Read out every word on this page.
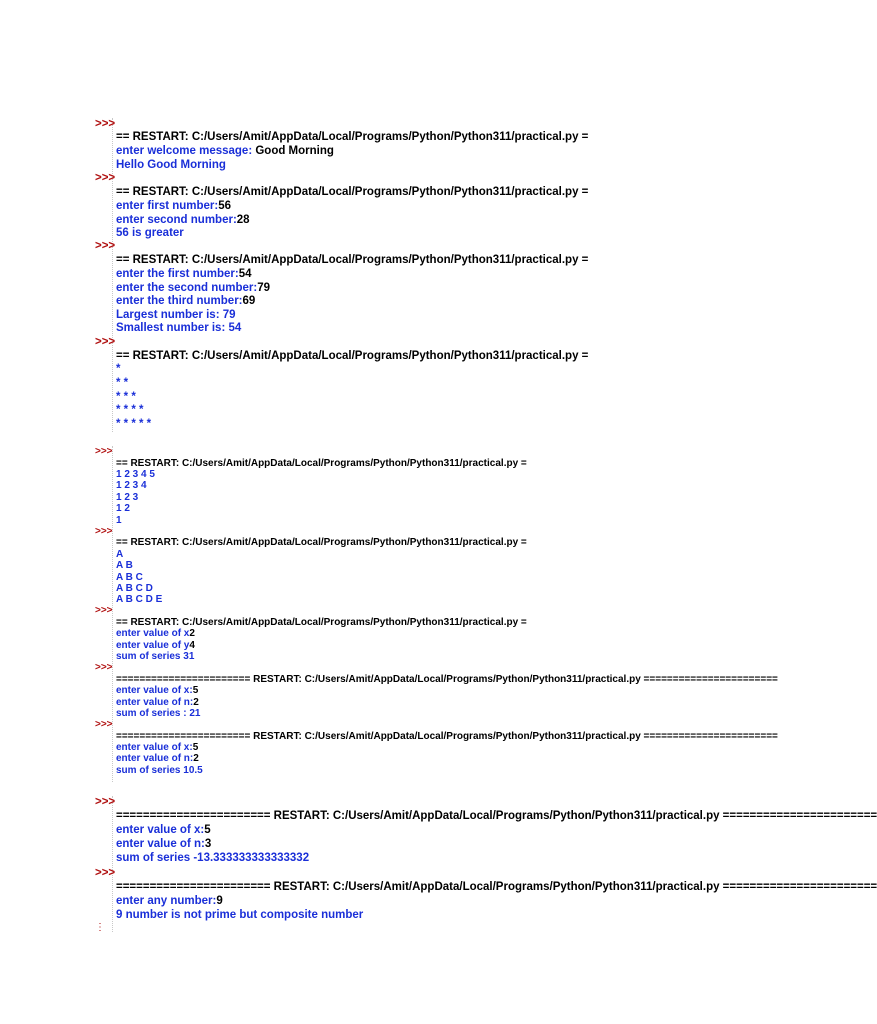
>>>
== RESTART: C:/Users/Amit/AppData/Local/Programs/Python/Python311/practical.py =
enter welcome message: Good Morning
Hello Good Morning
>>>
== RESTART: C:/Users/Amit/AppData/Local/Programs/Python/Python311/practical.py =
enter first number:56
enter second number:28
56 is greater
>>>
== RESTART: C:/Users/Amit/AppData/Local/Programs/Python/Python311/practical.py =
enter the first number:54
enter the second number:79
enter the third number:69
Largest number is: 79
Smallest number is: 54
>>>
== RESTART: C:/Users/Amit/AppData/Local/Programs/Python/Python311/practical.py =
*
* *
* * *
* * * *
* * * * *
>>>
== RESTART: C:/Users/Amit/AppData/Local/Programs/Python/Python311/practical.py =
1 2 3 4 5
1 2 3 4
1 2 3
1 2
1
>>>
== RESTART: C:/Users/Amit/AppData/Local/Programs/Python/Python311/practical.py =
A
A B
A B C
A B C D
A B C D E
>>>
== RESTART: C:/Users/Amit/AppData/Local/Programs/Python/Python311/practical.py =
enter value of x2
enter value of y4
sum of series 31
>>>
======================= RESTART: C:/Users/Amit/AppData/Local/Programs/Python/Python311/practical.py =======================
enter value of x:5
enter value of n:2
sum of series : 21
>>>
======================= RESTART: C:/Users/Amit/AppData/Local/Programs/Python/Python311/practical.py =======================
enter value of x:5
enter value of n:2
sum of series 10.5
>>>
======================= RESTART: C:/Users/Amit/AppData/Local/Programs/Python/Python311/practical.py =======================
enter value of x:5
enter value of n:3
sum of series -13.333333333333332
>>>
======================= RESTART: C:/Users/Amit/AppData/Local/Programs/Python/Python311/practical.py =======================
enter any number:9
9 number is not prime but composite number
⋮
